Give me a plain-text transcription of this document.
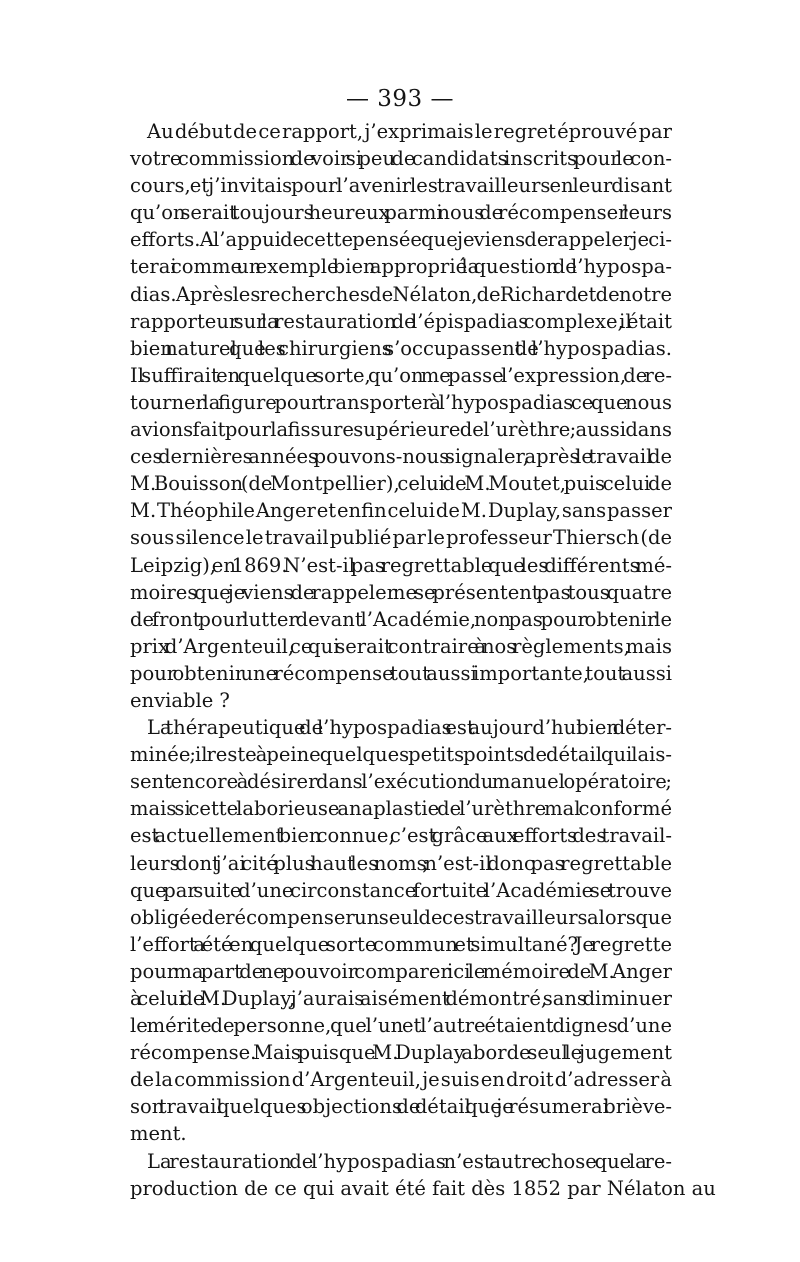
— 393 —

Au début de ce rapport, j’exprimais le regret éprouvé par
votre commission de voir si peu de candidats inscrits pour le con-
cours, et j’invitais pour l’avenir les travailleurs en leur disant
qu’on serait toujours heureux parmi nous de récompenser leurs
efforts. A l’appui de cette pensée que je viens de rappeler je ci-
terai comme un exemple bien approprié la question de l’hypospa-
dias. Après les recherches de Nélaton, de Richard et de notre
rapporteur sur la restauration de l’épispadias complexe, il était
bien naturel que les chirurgiens s’occupassent de l’hypospadias.
Il suffirait en quelque sorte, qu’on me passe l’expression, de re-
tourner la figure pour transporter à l’hypospadias ce que nous
avions fait pour la fissure supérieure de l’urèthre ; aussi dans
ces dernières années pouvons-nous signaler, après le travail de
M. Bouisson (de Montpellier), celui de M. Moutet, puis celui de
M. Théophile Anger et enfin celui de M. Duplay, sans passer
sous silence le travail publié par le professeur Thiersch (de
Leipzig), en 1869. N’est-il pas regrettable que les différents mé-
moires que je viens de rappeler ne se présentent pas tous quatre
de front pour lutter devant l’Académie, non pas pour obtenir le
prix d’Argenteuil, ce qui serait contraire à nos règlements, mais
pour obtenir une récompense tout aussi importante, tout aussi
enviable ?

La thérapeutique de l’hypospadias est aujourd’hui bien déter-
minée ; il reste à peine quelques petits points de détail qui lais-
sent encore à désirer dans l’exécution du manuel opératoire ;
mais si cette laborieuse anaplastie de l’urèthre mal conformé
est actuellement bien connue, c’est grâce aux efforts des travail-
leurs dont j’ai cité plus haut les noms ; n’est-il donc pas regrettable
que par suite d’une circonstance fortuite l’Académie se trouve
obligée de récompenser un seul de ces travailleurs alors que
l’effort a été en quelque sorte commun et simultané? Je regrette
pour ma part de ne pouvoir comparer ici le mémoire de M. Anger
à celui de M. Duplay, j’aurais aisément démontré, sans diminuer
le mérite de personne, que l’un et l’autre étaient dignes d’une
récompense. Mais puisque M. Duplay aborde seul le jugement
de la commission d’Argenteuil, je suis en droit d’adresser à
son travail quelques objections de détail que je résumerai briève-
ment.

La restauration de l’hypospadias n’est autre chose que la re-
production de ce qui avait été fait dès 1852 par Nélaton au
